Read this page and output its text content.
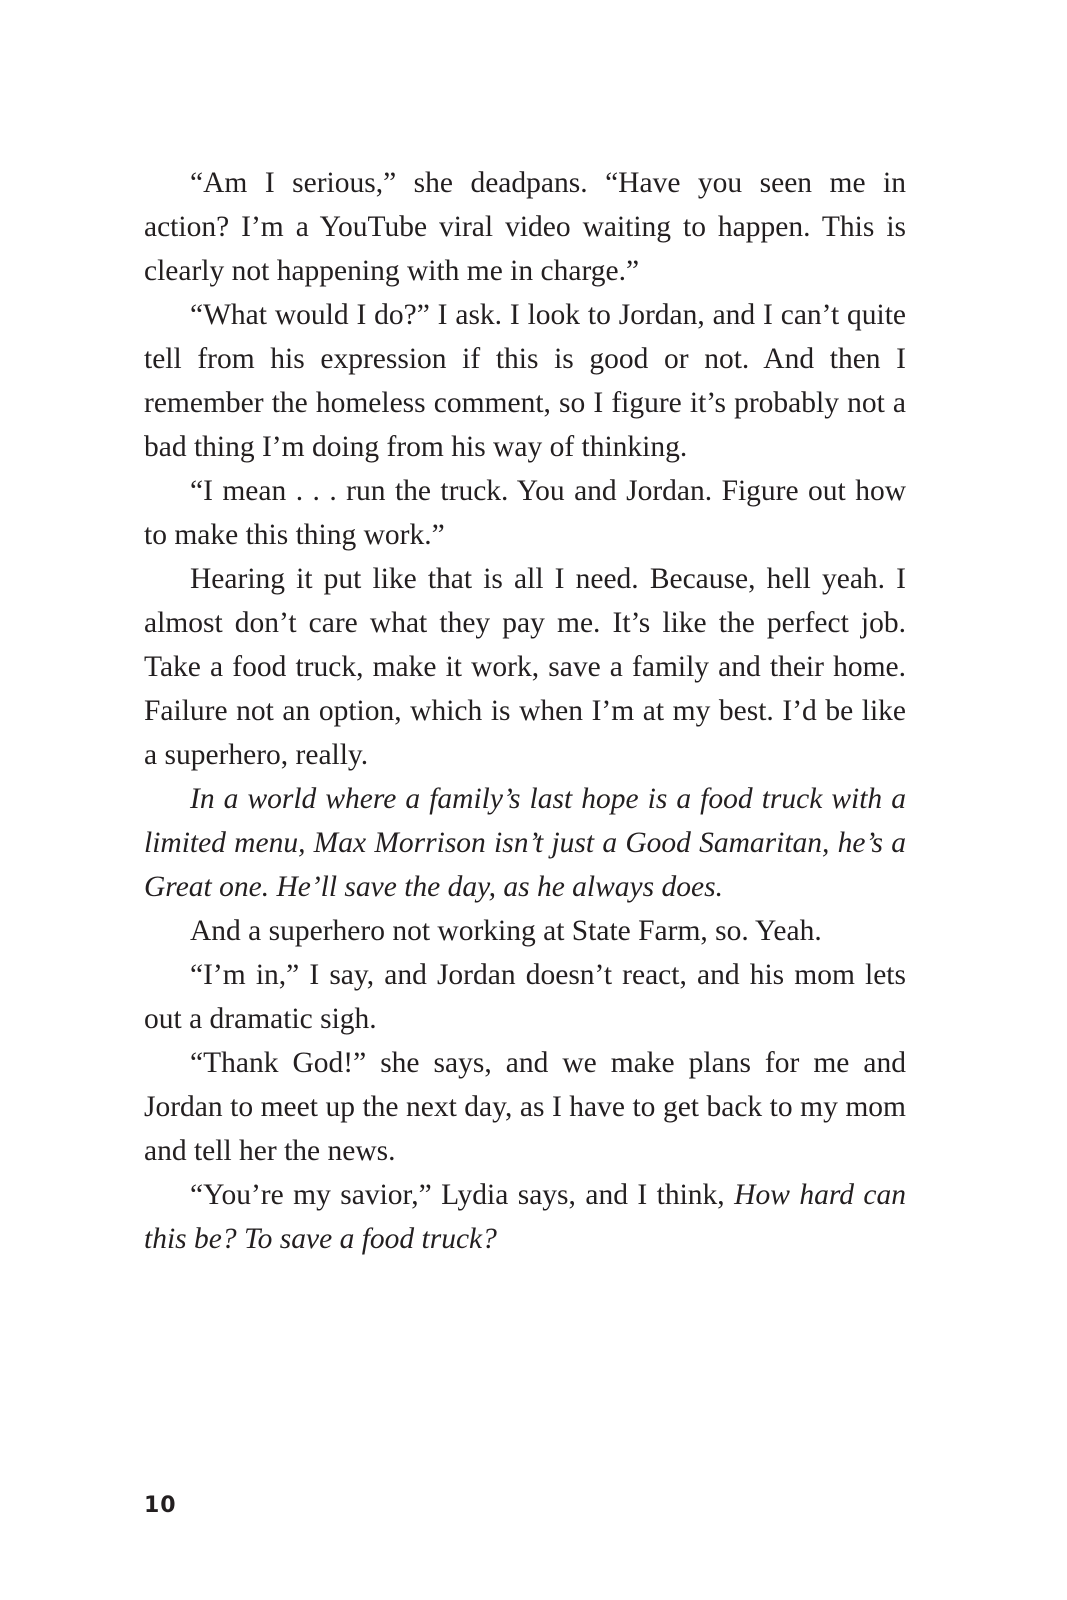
“Am I serious,” she deadpans. “Have you seen me in action? I’m a YouTube viral video waiting to happen. This is clearly not happening with me in charge.”

“What would I do?” I ask. I look to Jordan, and I can’t quite tell from his expression if this is good or not. And then I remember the homeless comment, so I figure it’s probably not a bad thing I’m doing from his way of thinking.

“I mean . . . run the truck. You and Jordan. Figure out how to make this thing work.”

Hearing it put like that is all I need. Because, hell yeah. I almost don’t care what they pay me. It’s like the perfect job. Take a food truck, make it work, save a family and their home. Failure not an option, which is when I’m at my best. I’d be like a superhero, really.

In a world where a family’s last hope is a food truck with a limited menu, Max Morrison isn’t just a Good Samaritan, he’s a Great one. He’ll save the day, as he always does.

And a superhero not working at State Farm, so. Yeah.

“I’m in,” I say, and Jordan doesn’t react, and his mom lets out a dramatic sigh.

“Thank God!” she says, and we make plans for me and Jordan to meet up the next day, as I have to get back to my mom and tell her the news.

“You’re my savior,” Lydia says, and I think, How hard can this be? To save a food truck?

10
